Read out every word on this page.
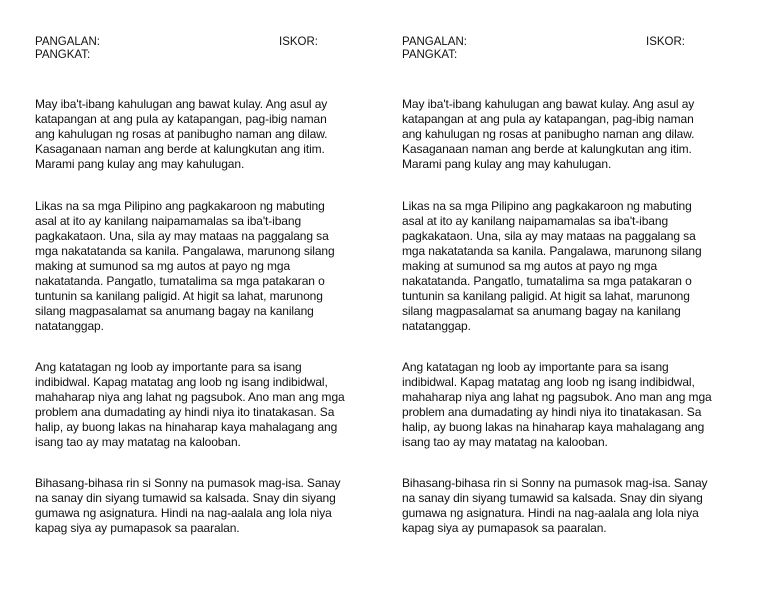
PANGALAN:	ISKOR:
PANGKAT:

May iba't-ibang kahulugan ang bawat kulay. Ang asul ay
katapangan at ang pula ay katapangan, pag-ibig naman
ang kahulugan ng rosas at panibugho naman ang dilaw.
Kasaganaan naman ang berde at kalungkutan ang itim.
Marami pang kulay ang may kahulugan.

Likas na sa mga Pilipino ang pagkakaroon ng mabuting
asal at ito ay kanilang naipamamalas sa iba't-ibang
pagkakataon. Una, sila ay may mataas na paggalang sa
mga nakatatanda sa kanila. Pangalawa, marunong silang
making at sumunod sa mg autos at payo ng mga
nakatatanda. Pangatlo, tumatalima sa mga patakaran o
tuntunin sa kanilang paligid. At higit sa lahat, marunong
silang magpasalamat sa anumang bagay na kanilang
natatanggap.

Ang katatagan ng loob ay importante para sa isang
indibidwal. Kapag matatag ang loob ng isang indibidwal,
mahaharap niya ang lahat ng pagsubok. Ano man ang mga
problem ana dumadating ay hindi niya ito tinatakasan. Sa
halip, ay buong lakas na hinaharap kaya mahalagang ang
isang tao ay may matatag na kalooban.

Bihasang-bihasa rin si Sonny na pumasok mag-isa. Sanay
na sanay din siyang tumawid sa kalsada. Snay din siyang
gumawa ng asignatura. Hindi na nag-aalala ang lola niya
kapag siya ay pumapasok sa paaralan.

PANGALAN:	ISKOR:
PANGKAT:

May iba't-ibang kahulugan ang bawat kulay. Ang asul ay
katapangan at ang pula ay katapangan, pag-ibig naman
ang kahulugan ng rosas at panibugho naman ang dilaw.
Kasaganaan naman ang berde at kalungkutan ang itim.
Marami pang kulay ang may kahulugan.

Likas na sa mga Pilipino ang pagkakaroon ng mabuting
asal at ito ay kanilang naipamamalas sa iba't-ibang
pagkakataon. Una, sila ay may mataas na paggalang sa
mga nakatatanda sa kanila. Pangalawa, marunong silang
making at sumunod sa mg autos at payo ng mga
nakatatanda. Pangatlo, tumatalima sa mga patakaran o
tuntunin sa kanilang paligid. At higit sa lahat, marunong
silang magpasalamat sa anumang bagay na kanilang
natatanggap.

Ang katatagan ng loob ay importante para sa isang
indibidwal. Kapag matatag ang loob ng isang indibidwal,
mahaharap niya ang lahat ng pagsubok. Ano man ang mga
problem ana dumadating ay hindi niya ito tinatakasan. Sa
halip, ay buong lakas na hinaharap kaya mahalagang ang
isang tao ay may matatag na kalooban.

Bihasang-bihasa rin si Sonny na pumasok mag-isa. Sanay
na sanay din siyang tumawid sa kalsada. Snay din siyang
gumawa ng asignatura. Hindi na nag-aalala ang lola niya
kapag siya ay pumapasok sa paaralan.
